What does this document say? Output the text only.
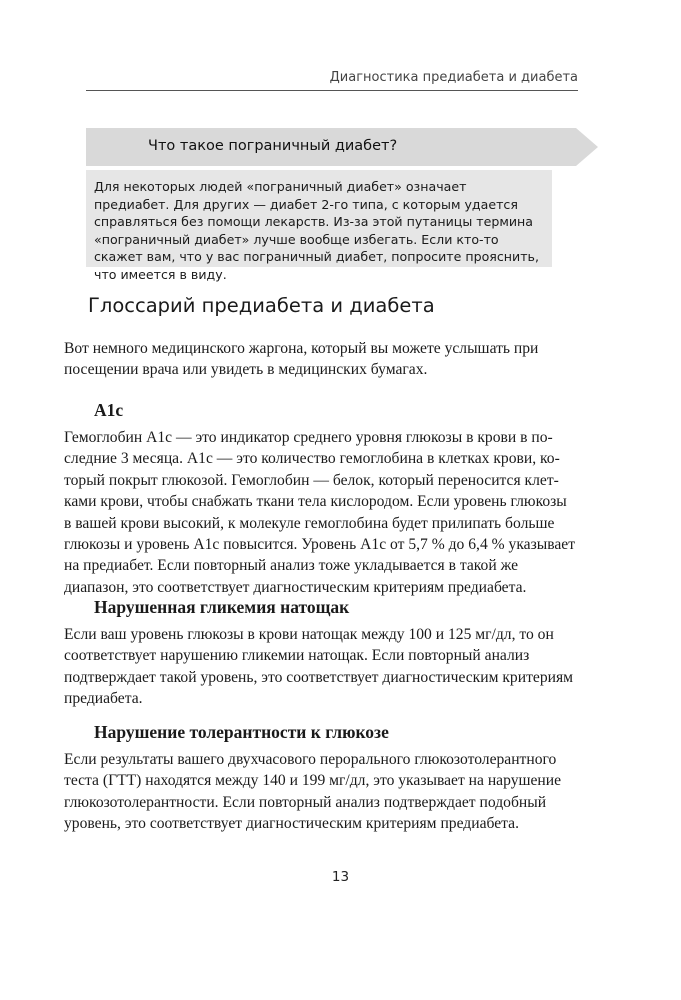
Диагностика предиабета и диабета
Что такое пограничный диабет?
Для некоторых людей «пограничный диабет» означает предиабет. Для других — диабет 2-го типа, с которым удается справляться без помощи лекарств. Из-за этой путаницы термина «пограничный диабет» лучше вообще избегать. Если кто-то скажет вам, что у вас пограничный диабет, попросите прояснить, что имеется в виду.
Глоссарий предиабета и диабета
Вот немного медицинского жаргона, который вы можете услышать при посещении врача или увидеть в медицинских бумагах.
A1c
Гемоглобин A1c — это индикатор среднего уровня глюкозы в крови в последние 3 месяца. A1c — это количество гемоглобина в клетках крови, который покрыт глюкозой. Гемоглобин — белок, который переносится клетками крови, чтобы снабжать ткани тела кислородом. Если уровень глюкозы в вашей крови высокий, к молекуле гемоглобина будет прилипать больше глюкозы и уровень A1c повысится. Уровень A1c от 5,7 % до 6,4 % указывает на предиабет. Если повторный анализ тоже укладывается в такой же диапазон, это соответствует диагностическим критериям предиабета.
Нарушенная гликемия натощак
Если ваш уровень глюкозы в крови натощак между 100 и 125 мг/дл, то он соответствует нарушению гликемии натощак. Если повторный анализ подтверждает такой уровень, это соответствует диагностическим критериям предиабета.
Нарушение толерантности к глюкозе
Если результаты вашего двухчасового перорального глюкозотолерантного теста (ГТТ) находятся между 140 и 199 мг/дл, это указывает на нарушение глюкозотолерантности. Если повторный анализ подтверждает подобный уровень, это соответствует диагностическим критериям предиабета.
13
